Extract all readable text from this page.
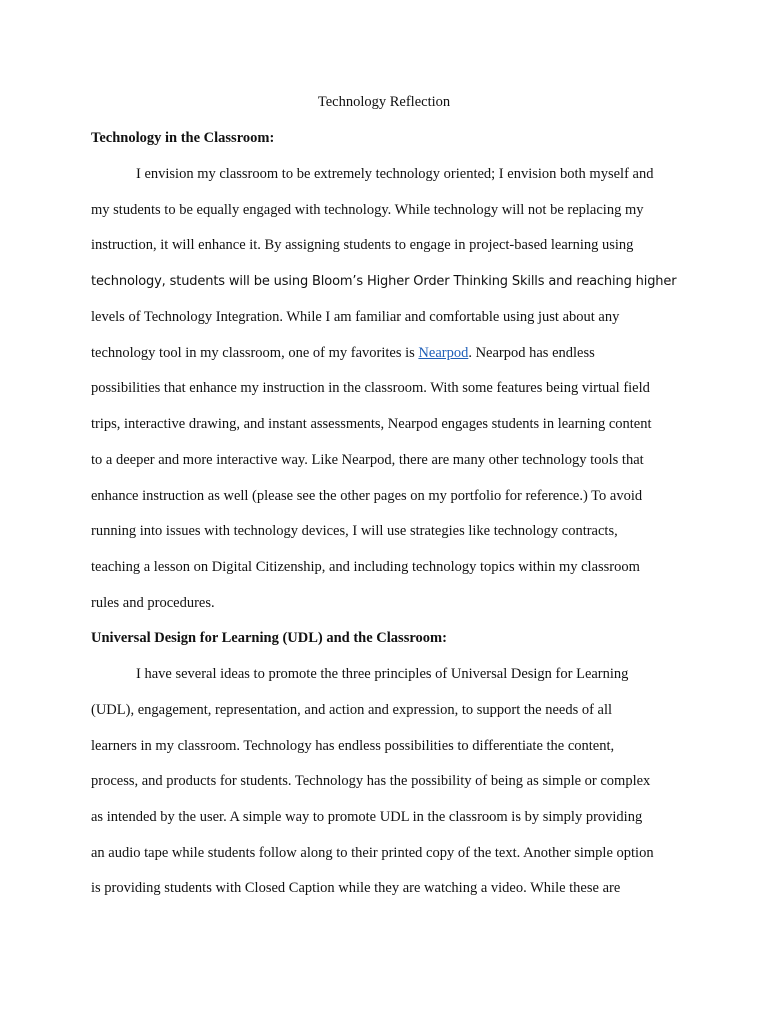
Technology Reflection
Technology in the Classroom:
I envision my classroom to be extremely technology oriented; I envision both myself and
my students to be equally engaged with technology. While technology will not be replacing my
instruction, it will enhance it. By assigning students to engage in project-based learning using
technology, students will be using Bloom’s Higher Order Thinking Skills and reaching higher
levels of Technology Integration. While I am familiar and comfortable using just about any
technology tool in my classroom, one of my favorites is Nearpod. Nearpod has endless
possibilities that enhance my instruction in the classroom. With some features being virtual field
trips, interactive drawing, and instant assessments, Nearpod engages students in learning content
to a deeper and more interactive way. Like Nearpod, there are many other technology tools that
enhance instruction as well (please see the other pages on my portfolio for reference.) To avoid
running into issues with technology devices, I will use strategies like technology contracts,
teaching a lesson on Digital Citizenship, and including technology topics within my classroom
rules and procedures.
Universal Design for Learning (UDL) and the Classroom:
I have several ideas to promote the three principles of Universal Design for Learning
(UDL), engagement, representation, and action and expression, to support the needs of all
learners in my classroom. Technology has endless possibilities to differentiate the content,
process, and products for students. Technology has the possibility of being as simple or complex
as intended by the user. A simple way to promote UDL in the classroom is by simply providing
an audio tape while students follow along to their printed copy of the text. Another simple option
is providing students with Closed Caption while they are watching a video. While these are
